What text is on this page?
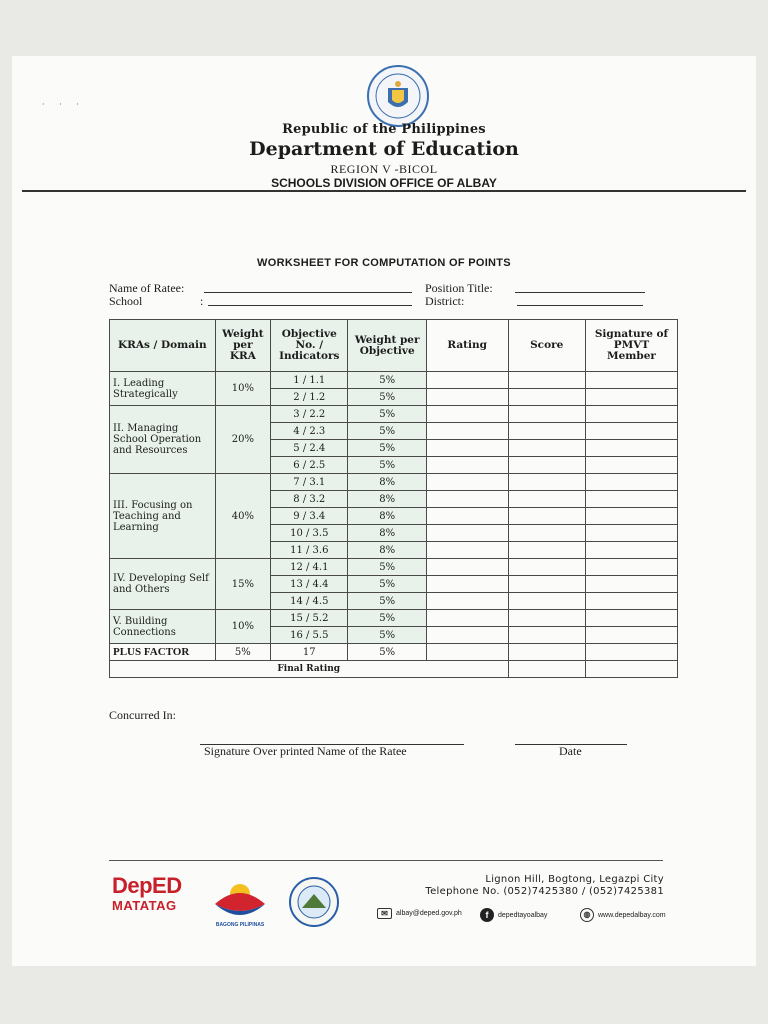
· · ·
Republic of the Philippines
Department of Education
REGION V -BICOL
SCHOOLS DIVISION OFFICE OF ALBAY
WORKSHEET FOR COMPUTATION OF POINTS
Name of Ratee:
School	:
Position Title:
District:
KRAs / Domain	Weight per KRA	Objective No. / Indicators	Weight per Objective	Rating	Score	Signature of PMVT Member
I. Leading Strategically	10%	1 / 1.1	5%			
		2 / 1.2	5%			
II. Managing School Operation and Resources	20%	3 / 2.2	5%			
		4 / 2.3	5%			
		5 / 2.4	5%			
		6 / 2.5	5%			
III. Focusing on Teaching and Learning	40%	7 / 3.1	8%			
		8 / 3.2	8%			
		9 / 3.4	8%			
		10 / 3.5	8%			
		11 / 3.6	8%			
IV. Developing Self and Others	15%	12 / 4.1	5%			
		13 / 4.4	5%			
		14 / 4.5	5%			
V. Building Connections	10%	15 / 5.2	5%			
		16 / 5.5	5%			
PLUS FACTOR	5%	17	5%			
Final Rating						
Concurred In:
Signature Over printed Name of the Ratee	Date
DepED
MATATAG
BAGONG PILIPINAS
Lignon Hill, Bogtong, Legazpi City
Telephone No. (052)7425380 / (052)7425381
✉	albay@deped.gov.ph	f	depedtayoalbay	◍	www.depedalbay.com
